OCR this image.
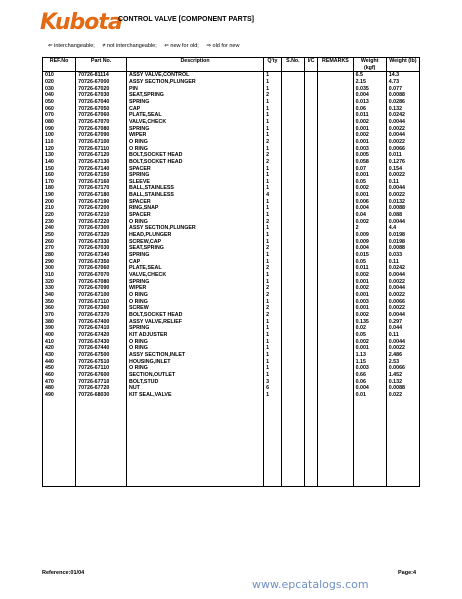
Kubota
CONTROL VALVE [COMPONENT PARTS]
⇐ interchangeable; ≠ not interchangeable; ⇐ new for old; ⇒ old for new
REF.No	Part No.	Description	Q'ty	S.No.	I/C	REMARKS	Weight (kgf)	Weight (lb)
010	70726-81114	ASSY VALVE,CONTROL	1				6.5	14.3
020	70726-67000	ASSY SECTION,PLUNGER	1				2.15	4.73
030	70726-67020	PIN	1				0.035	0.077
040	70726-67030	SEAT,SPRING	2				0.004	0.0088
050	70726-67040	SPRING	1				0.013	0.0286
060	70726-67050	CAP	1				0.06	0.132
070	70726-67060	PLATE,SEAL	1				0.011	0.0242
080	70726-67070	VALVE,CHECK	1				0.002	0.0044
090	70726-67080	SPRING	1				0.001	0.0022
100	70726-67090	WIPER	1				0.002	0.0044
110	70726-67100	O RING	2				0.001	0.0022
120	70726-67110	O RING	1				0.003	0.0066
130	70726-67120	BOLT,SOCKET HEAD	2				0.005	0.011
140	70726-67130	BOLT,SOCKET HEAD	2				0.058	0.1276
150	70726-67140	SPACER	1				0.07	0.154
160	70726-67150	SPRING	1				0.001	0.0022
170	70726-67160	SLEEVE	1				0.05	0.11
180	70726-67170	BALL,STAINLESS	1				0.002	0.0044
190	70726-67180	BALL,STAINLESS	4				0.001	0.0022
200	70726-67190	SPACER	1				0.006	0.0132
210	70726-67200	RING,SNAP	1				0.004	0.0088
220	70726-67210	SPACER	1				0.04	0.088
230	70726-67220	O RING	2				0.002	0.0044
240	70726-67300	ASSY SECTION,PLUNGER	1				2	4.4
250	70726-67320	HEAD,PLUNGER	1				0.009	0.0198
260	70726-67330	SCREW,CAP	1				0.009	0.0198
270	70726-67030	SEAT,SPRING	2				0.004	0.0088
280	70726-67340	SPRING	1				0.015	0.033
290	70726-67350	CAP	1				0.05	0.11
300	70726-67060	PLATE,SEAL	2				0.011	0.0242
310	70726-67070	VALVE,CHECK	1				0.002	0.0044
320	70726-67080	SPRING	1				0.001	0.0022
330	70726-67090	WIPER	2				0.002	0.0044
340	70726-67100	O RING	2				0.001	0.0022
350	70726-67110	O RING	1				0.003	0.0066
360	70726-67360	SCREW	2				0.001	0.0022
370	70726-67370	BOLT,SOCKET HEAD	2				0.002	0.0044
380	70726-67400	ASSY VALVE,RELIEF	1				0.135	0.297
390	70726-67410	SPRING	1				0.02	0.044
400	70726-67420	KIT ADJUSTER	1				0.05	0.11
410	70726-67430	O RING	1				0.002	0.0044
420	70726-67440	O RING	1				0.001	0.0022
430	70726-67500	ASSY SECTION,INLET	1				1.13	2.486
440	70726-67510	HOUSING,INLET	1				1.15	2.53
450	70726-67110	O RING	1				0.003	0.0066
460	70726-67600	SECTION,OUTLET	1				0.66	1.452
470	70726-67710	BOLT,STUD	3				0.06	0.132
480	70726-67720	NUT	6				0.004	0.0088
490	70726-68030	KIT SEAL,VALVE	1				0.01	0.022

Reference:01/04	Page:4
www.epcatalogs.com
